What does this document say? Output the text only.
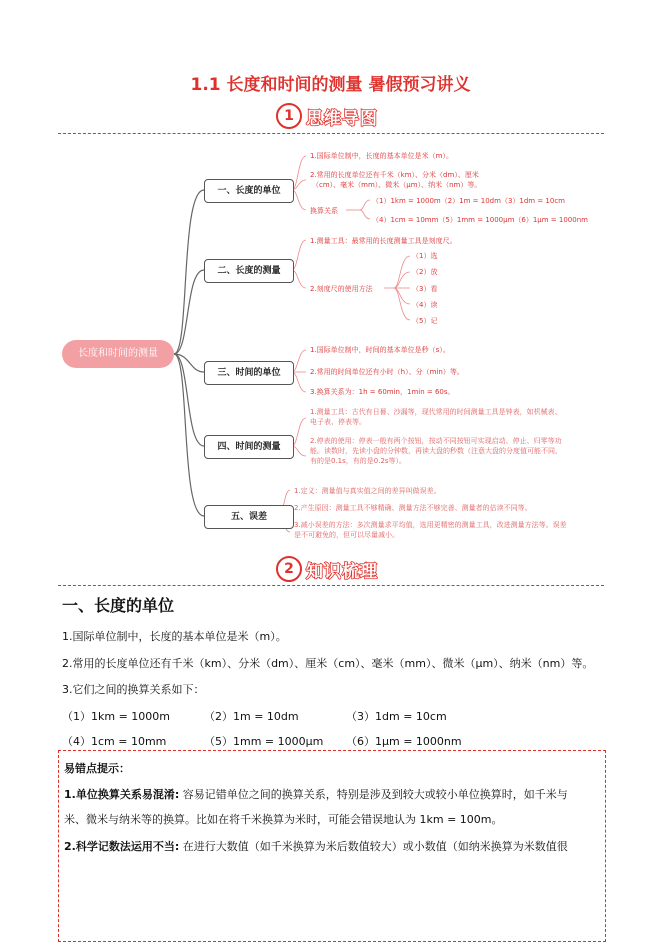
1.1 长度和时间的测量 暑假预习讲义
1 思维导图
长度和时间的测量
一、长度的单位
1.国际单位制中，长度的基本单位是米（m）。
2.常用的长度单位还有千米（km）、分米（dm）、厘米
（cm）、毫米（mm）、微米（μm）、纳米（nm）等。
（1）1km = 1000m（2）1m = 10dm（3）1dm = 10cm
换算关系
（4）1cm = 10mm（5）1mm = 1000μm（6）1μm = 1000nm
二、长度的测量
1.测量工具：最常用的长度测量工具是刻度尺。
2.刻度尺的使用方法
（1）选
（2）放
（3）看
（4）读
（5）记
三、时间的单位
1.国际单位制中，时间的基本单位是秒（s）。
2.常用的时间单位还有小时（h）、分（min）等。
3.换算关系为：1h = 60min，1min = 60s。
四、时间的测量
1.测量工具：古代有日晷、沙漏等，现代常用的时间测量工具是钟表，如机械表、
电子表、停表等。
2.停表的使用：停表一般有两个按钮，按动不同按钮可实现启动、停止、归零等功
能。读数时，先读小盘的分钟数，再读大盘的秒数（注意大盘的分度值可能不同，
有的是0.1s，有的是0.2s等）。
五、误差
1.定义：测量值与真实值之间的差异叫做误差。
2.产生原因：测量工具不够精确、测量方法不够完善、测量者的估读不同等。
3.减小误差的方法：多次测量求平均值，选用更精密的测量工具，改进测量方法等。误差
是不可避免的，但可以尽量减小。
2 知识梳理
一、长度的单位
1.国际单位制中，长度的基本单位是米（m）。
2.常用的长度单位还有千米（km）、分米（dm）、厘米（cm）、毫米（mm）、微米（μm）、纳米（nm）等。
3.它们之间的换算关系如下：
（1）1km = 1000m	（2）1m = 10dm	（3）1dm = 10cm
（4）1cm = 10mm	（5）1mm = 1000μm （6）1μm = 1000nm
易错点提示：
1.单位换算关系易混淆: 容易记错单位之间的换算关系，特别是涉及到较大或较小单位换算时，如千米与
米、微米与纳米等的换算。比如在将千米换算为米时，可能会错误地认为 1km = 100m。
2.科学记数法运用不当: 在进行大数值（如千米换算为米后数值较大）或小数值（如纳米换算为米数值很
